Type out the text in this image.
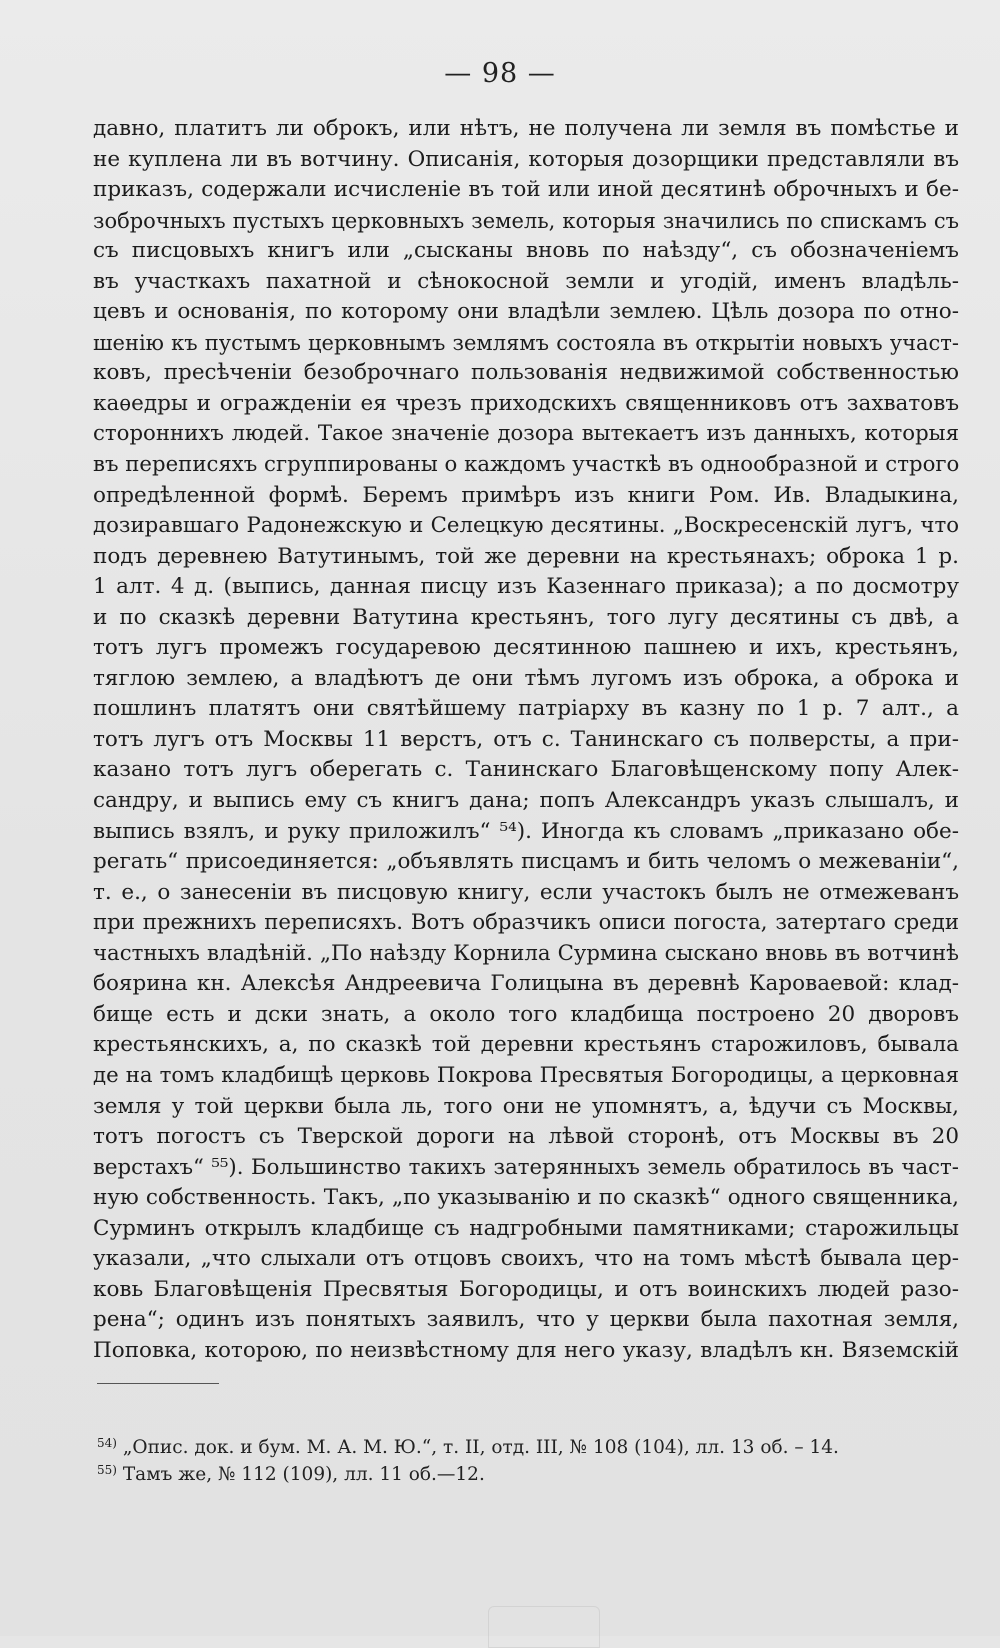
— 98 —
давно, платитъ ли оброкъ, или нѣтъ, не получена ли земля въ помѣстье и
не куплена ли въ вотчину. Описанія, которыя дозорщики представляли въ
приказъ, содержали исчисленіе въ той или иной десятинѣ оброчныхъ и бе-
зоброчныхъ пустыхъ церковныхъ земель, которыя значились по спискамъ съ
съ писцовыхъ книгъ или „сысканы вновь по наѣзду“, съ обозначеніемъ
въ участкахъ пахатной и сѣнокосной земли и угодій, именъ владѣль-
цевъ и основанія, по которому они владѣли землею. Цѣль дозора по отно-
шенію къ пустымъ церковнымъ землямъ состояла въ открытіи новыхъ участ-
ковъ, пресѣченіи безоброчнаго пользованія недвижимой собственностью
каѳедры и огражденіи ея чрезъ приходскихъ священниковъ отъ захватовъ
стороннихъ людей. Такое значеніе дозора вытекаетъ изъ данныхъ, которыя
въ переписяхъ сгруппированы о каждомъ участкѣ въ однообразной и строго
опредѣленной формѣ. Беремъ примѣръ изъ книги Ром. Ив. Владыкина,
дозиравшаго Радонежскую и Селецкую десятины. „Воскресенскій лугъ, что
подъ деревнею Ватутинымъ, той же деревни на крестьянахъ; оброка 1 р.
1 алт. 4 д. (выпись, данная писцу изъ Казеннаго приказа); а по досмотру
и по сказкѣ деревни Ватутина крестьянъ, того лугу десятины съ двѣ, а
тотъ лугъ промежъ государевою десятинною пашнею и ихъ, крестьянъ,
тяглою землею, а владѣютъ де они тѣмъ лугомъ изъ оброка, а оброка и
пошлинъ платятъ они святѣйшему патріарху въ казну по 1 р. 7 алт., а
тотъ лугъ отъ Москвы 11 верстъ, отъ с. Танинскаго съ полверсты, а при-
казано тотъ лугъ оберегать с. Танинскаго Благовѣщенскому попу Алек-
сандру, и выпись ему съ книгъ дана; попъ Александръ указъ слышалъ, и
выпись взялъ, и руку приложилъ“ ⁵⁴). Иногда къ словамъ „приказано обе-
регать“ присоединяется: „объявлять писцамъ и бить челомъ о межеваніи“,
т. е., о занесеніи въ писцовую книгу, если участокъ былъ не отмежеванъ
при прежнихъ переписяхъ. Вотъ образчикъ описи погоста, затертаго среди
частныхъ владѣній. „По наѣзду Корнила Сурмина сыскано вновь въ вотчинѣ
боярина кн. Алексѣя Андреевича Голицына въ деревнѣ Кароваевой: клад-
бище есть и дски знать, а около того кладбища построено 20 дворовъ
крестьянскихъ, а, по сказкѣ той деревни крестьянъ старожиловъ, бывала
де на томъ кладбищѣ церковь Покрова Пресвятыя Богородицы, а церковная
земля у той церкви была ль, того они не упомнятъ, а, ѣдучи съ Москвы,
тотъ погостъ съ Тверской дороги на лѣвой сторонѣ, отъ Москвы въ 20
верстахъ“ ⁵⁵). Большинство такихъ затерянныхъ земель обратилось въ част-
ную собственность. Такъ, „по указыванію и по сказкѣ“ одного священника,
Сурминъ открылъ кладбище съ надгробными памятниками; старожильцы
указали, „что слыхали отъ отцовъ своихъ, что на томъ мѣстѣ бывала цер-
ковь Благовѣщенія Пресвятыя Богородицы, и отъ воинскихъ людей разо-
рена“; одинъ изъ понятыхъ заявилъ, что у церкви была пахотная земля,
Поповка, которою, по неизвѣстному для него указу, владѣлъ кн. Вяземскій
$^{54)}$ „Опис. док. и бум. М. А. М. Ю.“, т. II, отд. III, № 108 (104), лл. 13 об. – 14.
$^{55)}$ Тамъ же, № 112 (109), лл. 11 об.—12.
